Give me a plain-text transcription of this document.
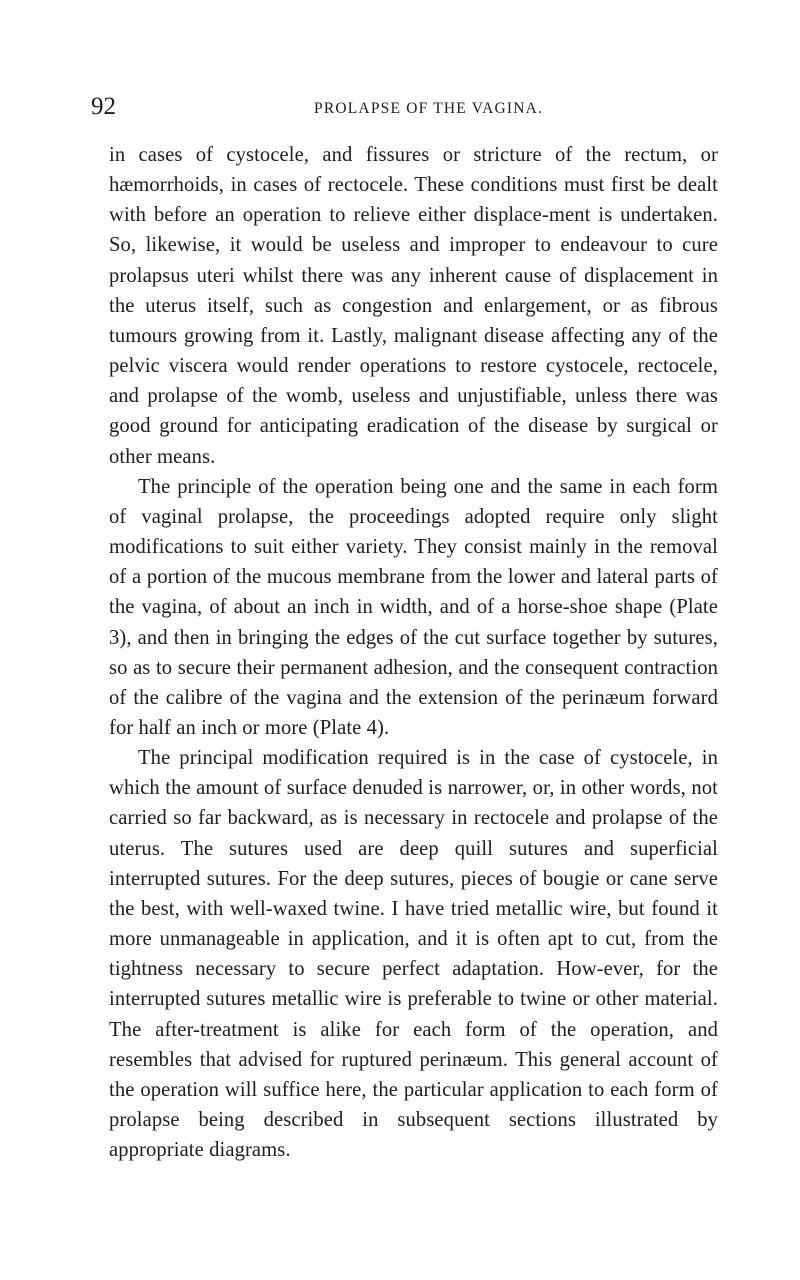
92	PROLAPSE OF THE VAGINA.

in cases of cystocele, and fissures or stricture of the rectum, or hæmorrhoids, in cases of rectocele. These conditions must first be dealt with before an operation to relieve either displace-ment is undertaken. So, likewise, it would be useless and improper to endeavour to cure prolapsus uteri whilst there was any inherent cause of displacement in the uterus itself, such as congestion and enlargement, or as fibrous tumours growing from it. Lastly, malignant disease affecting any of the pelvic viscera would render operations to restore cystocele, rectocele, and prolapse of the womb, useless and unjustifiable, unless there was good ground for anticipating eradication of the disease by surgical or other means.

The principle of the operation being one and the same in each form of vaginal prolapse, the proceedings adopted require only slight modifications to suit either variety. They consist mainly in the removal of a portion of the mucous membrane from the lower and lateral parts of the vagina, of about an inch in width, and of a horse-shoe shape (Plate 3), and then in bringing the edges of the cut surface together by sutures, so as to secure their permanent adhesion, and the consequent contraction of the calibre of the vagina and the extension of the perinæum forward for half an inch or more (Plate 4).

The principal modification required is in the case of cystocele, in which the amount of surface denuded is narrower, or, in other words, not carried so far backward, as is necessary in rectocele and prolapse of the uterus. The sutures used are deep quill sutures and superficial interrupted sutures. For the deep sutures, pieces of bougie or cane serve the best, with well-waxed twine. I have tried metallic wire, but found it more unmanageable in application, and it is often apt to cut, from the tightness necessary to secure perfect adaptation. How-ever, for the interrupted sutures metallic wire is preferable to twine or other material. The after-treatment is alike for each form of the operation, and resembles that advised for ruptured perinæum. This general account of the operation will suffice here, the particular application to each form of prolapse being described in subsequent sections illustrated by appropriate diagrams.
